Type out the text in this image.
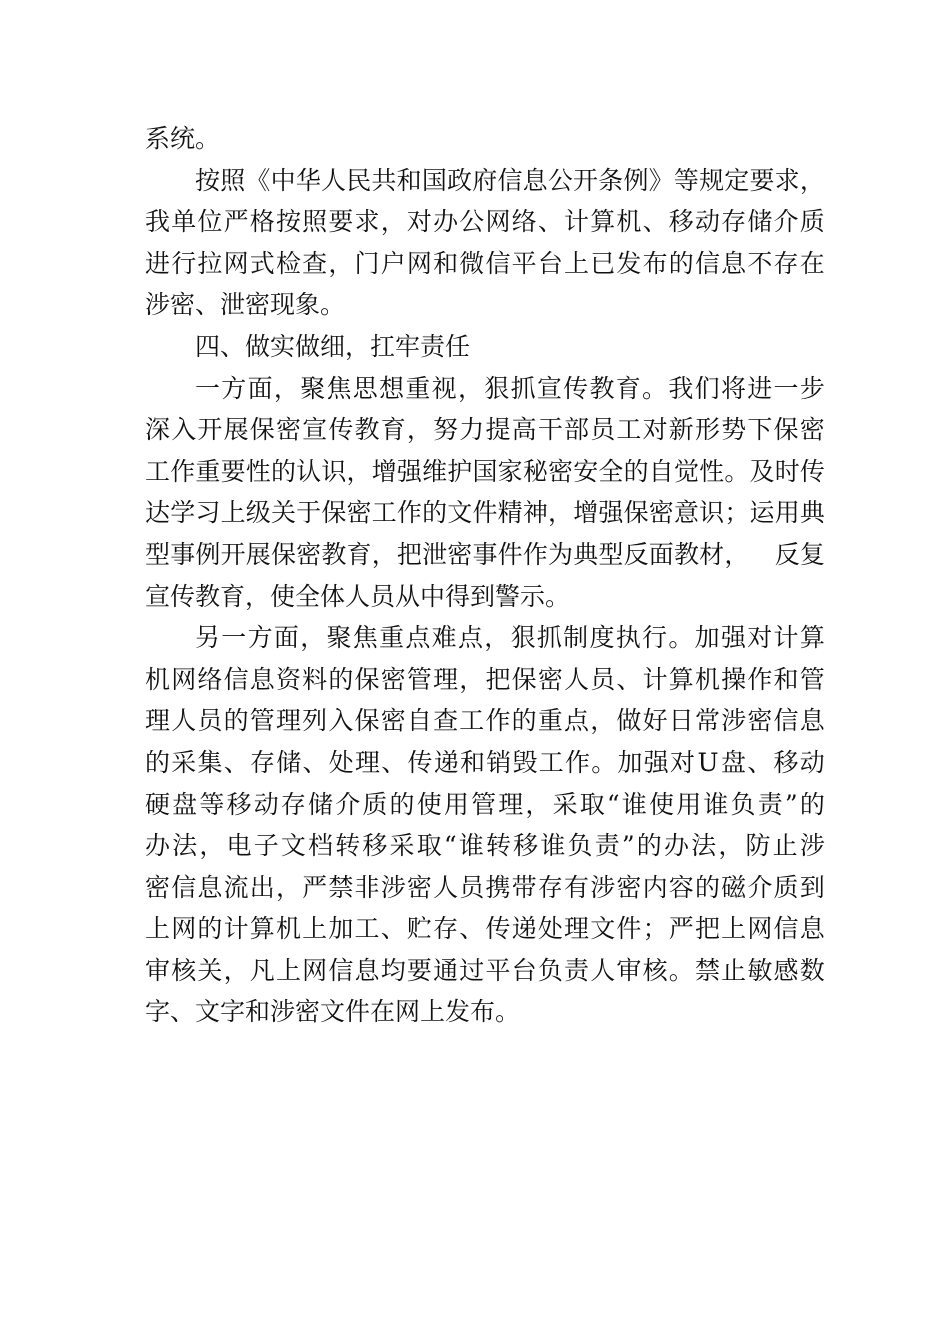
系统。
按 照 《 中 华 人 民 共 和 国 政 府 信 息 公 开 条 例 》 等 规 定 要 求 ，
我 单 位 严 格 按 照 要 求 ， 对 办 公 网 络 、 计 算 机 、 移 动 存 储 介 质
进 行 拉 网 式 检 查 ， 门 户 网 和 微 信 平 台 上 已 发 布 的 信 息 不 存 在
涉密、泄密现象。
四、做实做细，扛牢责任
一 方 面 ， 聚 焦 思 想 重 视 ， 狠 抓 宣 传 教 育 。 我 们 将 进 一 步
深 入 开 展 保 密 宣 传 教 育 ， 努 力 提 高 干 部 员 工 对 新 形 势 下 保 密
工 作 重 要 性 的 认 识 ， 增 强 维 护 国 家 秘 密 安 全 的 自 觉 性 。 及 时 传
达 学 习 上 级 关 于 保 密 工 作 的 文 件 精 神 ， 增 强 保 密 意 识 ； 运 用 典
型 事 例 开 展 保 密 教 育 ， 把 泄 密 事 件 作 为 典 型 反 面 教 材 ，
　 反 复
宣传教育，使全体人员从中得到警示。
另 一 方 面 ， 聚 焦 重 点 难 点 ， 狠 抓 制 度 执 行 。 加 强 对 计 算
机 网 络 信 息 资 料 的 保 密 管 理 ， 把 保 密 人 员 、 计 算 机 操 作 和 管
理 人 员 的 管 理 列 入 保 密 自 查 工 作 的 重 点 ， 做 好 日 常 涉 密 信 息
的 采 集 、 存 储 、 处 理 、 传 递 和 销 毁 工 作 。 加 强 对 U 盘 、 移 动
硬 盘 等 移 动 存 储 介 质 的 使 用 管 理 ， 采 取 “ 谁 使 用 谁 负 责 ” 的
办 法 ， 电 子 文 档 转 移 采 取 “ 谁 转 移 谁 负 责 ” 的 办 法 ， 防 止 涉
密 信 息 流 出 ， 严 禁 非 涉 密 人 员 携 带 存 有 涉 密 内 容 的 磁 介 质 到
上 网 的 计 算 机 上 加 工 、 贮 存 、 传 递 处 理 文 件 ； 严 把 上 网 信 息
审 核 关 ， 凡 上 网 信 息 均 要 通 过 平 台 负 责 人 审 核 。 禁 止 敏 感 数
字、文字和涉密文件在网上发布。
